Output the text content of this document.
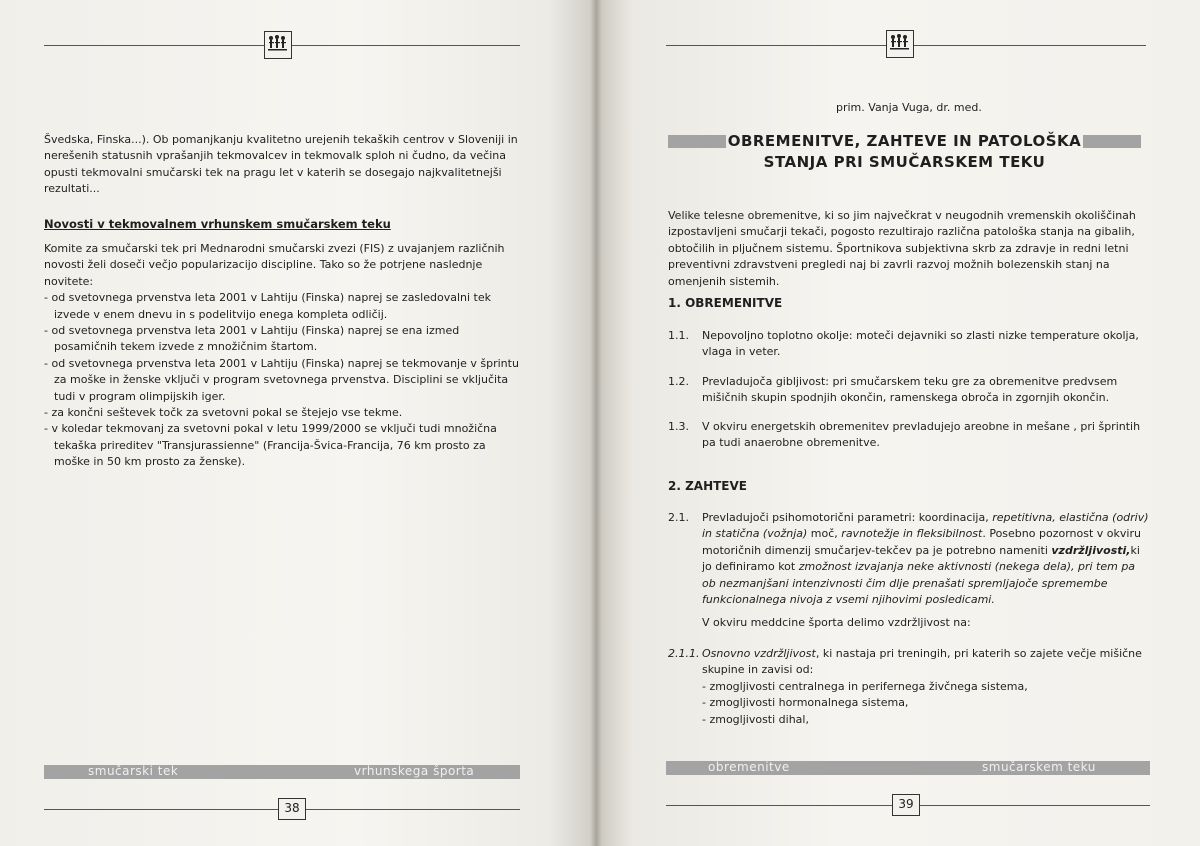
Švedska, Finska...). Ob pomanjkanju kvalitetno urejenih tekaških centrov v Sloveniji in nerešenih statusnih vprašanjih tekmovalcev in tekmovalk sploh ni čudno, da večina opusti tekmovalni smučarski tek na pragu let v katerih se dosegajo najkvalitetnejši rezultati...

Novosti v tekmovalnem vrhunskem smučarskem teku

Komite za smučarski tek pri Mednarodni smučarski zvezi (FIS) z uvajanjem različnih novosti želi doseči večjo popularizacijo discipline. Tako so že potrjene naslednje novitete:

- od svetovnega prvenstva leta 2001 v Lahtiju (Finska) naprej se zasledovalni tek izvede v enem dnevu in s podelitvijo enega kompleta odličij.

- od svetovnega prvenstva leta 2001 v Lahtiju (Finska) naprej se ena izmed posamičnih tekem izvede z množičnim štartom.

- od svetovnega prvenstva leta 2001 v Lahtiju (Finska) naprej se tekmovanje v šprintu za moške in ženske vključi v program svetovnega prvenstva. Disciplini se vključita tudi v program olimpijskih iger.

- za končni seštevek točk za svetovni pokal se štejejo vse tekme.

- v koledar tekmovanj za svetovni pokal v letu 1999/2000 se vključi tudi množična tekaška prireditev "Transjurassienne" (Francija-Švica-Francija, 76 km prosto za moške in 50 km prosto za ženske).

smučarski tek	vrhunskega športa
38
prim. Vanja Vuga, dr. med.
OBREMENITVE, ZAHTEVE IN PATOLOŠKA
STANJA PRI SMUČARSKEM TEKU

Velike telesne obremenitve, ki so jim največkrat v neugodnih vremenskih okoliščinah izpostavljeni smučarji tekači, pogosto rezultirajo različna patološka stanja na gibalih, obtočilih in pljučnem sistemu. Športnikova subjektivna skrb za zdravje in redni letni preventivni zdravstveni pregledi naj bi zavrli razvoj možnih bolezenskih stanj na omenjenih sistemih.

1. OBREMENITVE
1.1. Nepovoljno toplotno okolje: moteči dejavniki so zlasti nizke temperature okolja, vlaga in veter.
1.2. Prevladujoča gibljivost: pri smučarskem teku gre za obremenitve predvsem mišičnih skupin spodnjih okončin, ramenskega obroča in zgornjih okončin.
1.3. V okviru energetskih obremenitev prevladujejo areobne in mešane , pri šprintih pa tudi anaerobne obremenitve.
2. ZAHTEVE
2.1. Prevladujoči psihomotorični parametri: koordinacija, repetitivna, elastična (odriv) in statična (vožnja) moč, ravnotežje in fleksibilnost. Posebno pozornost v okviru motoričnih dimenzij smučarjev-tekčev pa je potrebno nameniti vzdržljivosti,ki jo definiramo kot zmožnost izvajanja neke aktivnosti (nekega dela), pri tem pa ob nezmanjšani intenzivnosti čim dlje prenašati spremljajoče spremembe funkcionalnega nivoja z vsemi njihovimi posledicami.
V okviru meddcine športa delimo vzdržljivost na:
2.1.1. Osnovno vzdržljivost, ki nastaja pri treningih, pri katerih so zajete večje mišične skupine in zavisi od:
- zmogljivosti centralnega in perifernega živčnega sistema,
- zmogljivosti hormonalnega sistema,
- zmogljivosti dihal,
obremenitve	smučarskem teku
39
